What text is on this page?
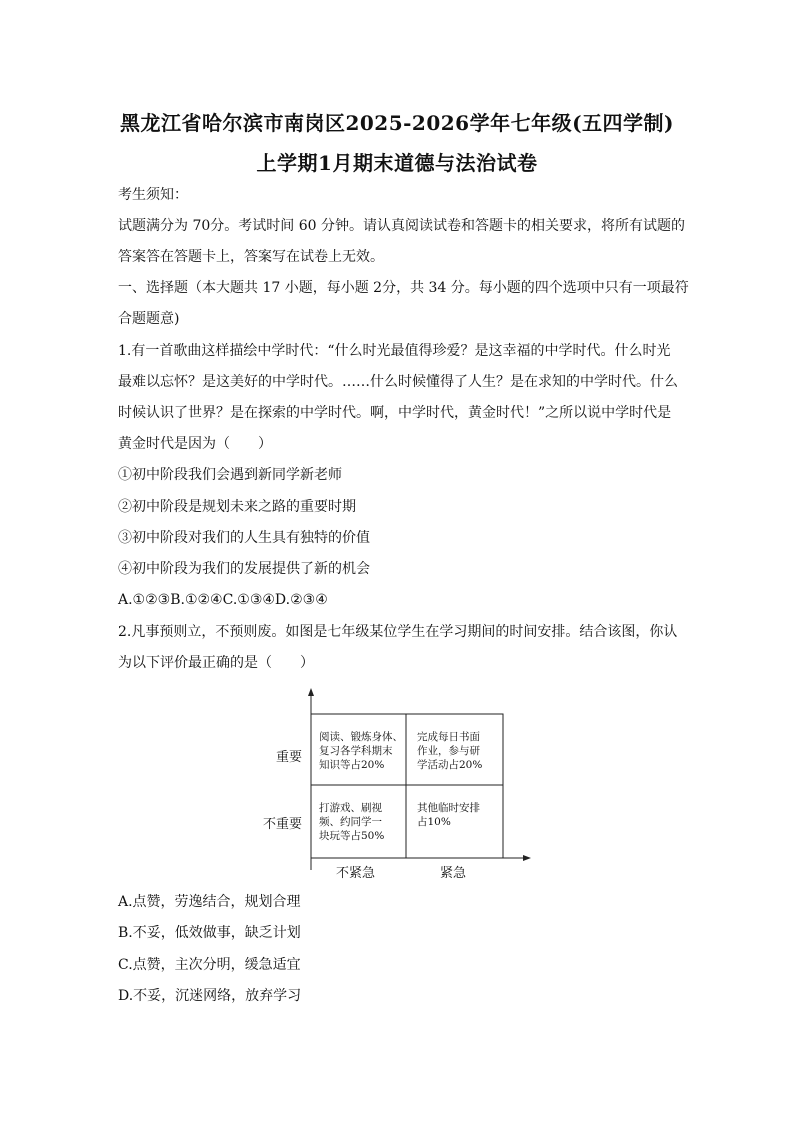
黑龙江省哈尔滨市南岗区2025-2026学年七年级(五四学制)
上学期1月期末道德与法治试卷
考生须知：
试题满分为 70分。考试时间 60 分钟。请认真阅读试卷和答题卡的相关要求，将所有试题的
答案答在答题卡上，答案写在试卷上无效。
一、选择题（本大题共 17 小题，每小题 2分，共 34 分。每小题的四个选项中只有一项最符
合题题意)
1.有一首歌曲这样描绘中学时代：“什么时光最值得珍爱？是这幸福的中学时代。什么时光
最难以忘怀？是这美好的中学时代。……什么时候懂得了人生？是在求知的中学时代。什么
时候认识了世界？是在探索的中学时代。啊，中学时代，黄金时代！”之所以说中学时代是
黄金时代是因为（　　）
①初中阶段我们会遇到新同学新老师
②初中阶段是规划未来之路的重要时期
③初中阶段对我们的人生具有独特的价值
④初中阶段为我们的发展提供了新的机会
A.①②③B.①②④C.①③④D.②③④
2.凡事预则立，不预则废。如图是七年级某位学生在学习期间的时间安排。结合该图，你认
为以下评价最正确的是（　　）
阅读、锻炼身体、
复习各学科期末
知识等占20%
完成每日书面
作业，参与研
学活动占20%
打游戏、刷视
频、约同学一
块玩等占50%
其他临时安排
占10%
重要
不重要
不紧急	紧急
A.点赞，劳逸结合，规划合理
B.不妥，低效做事，缺乏计划
C.点赞，主次分明，缓急适宜
D.不妥，沉迷网络，放弃学习
